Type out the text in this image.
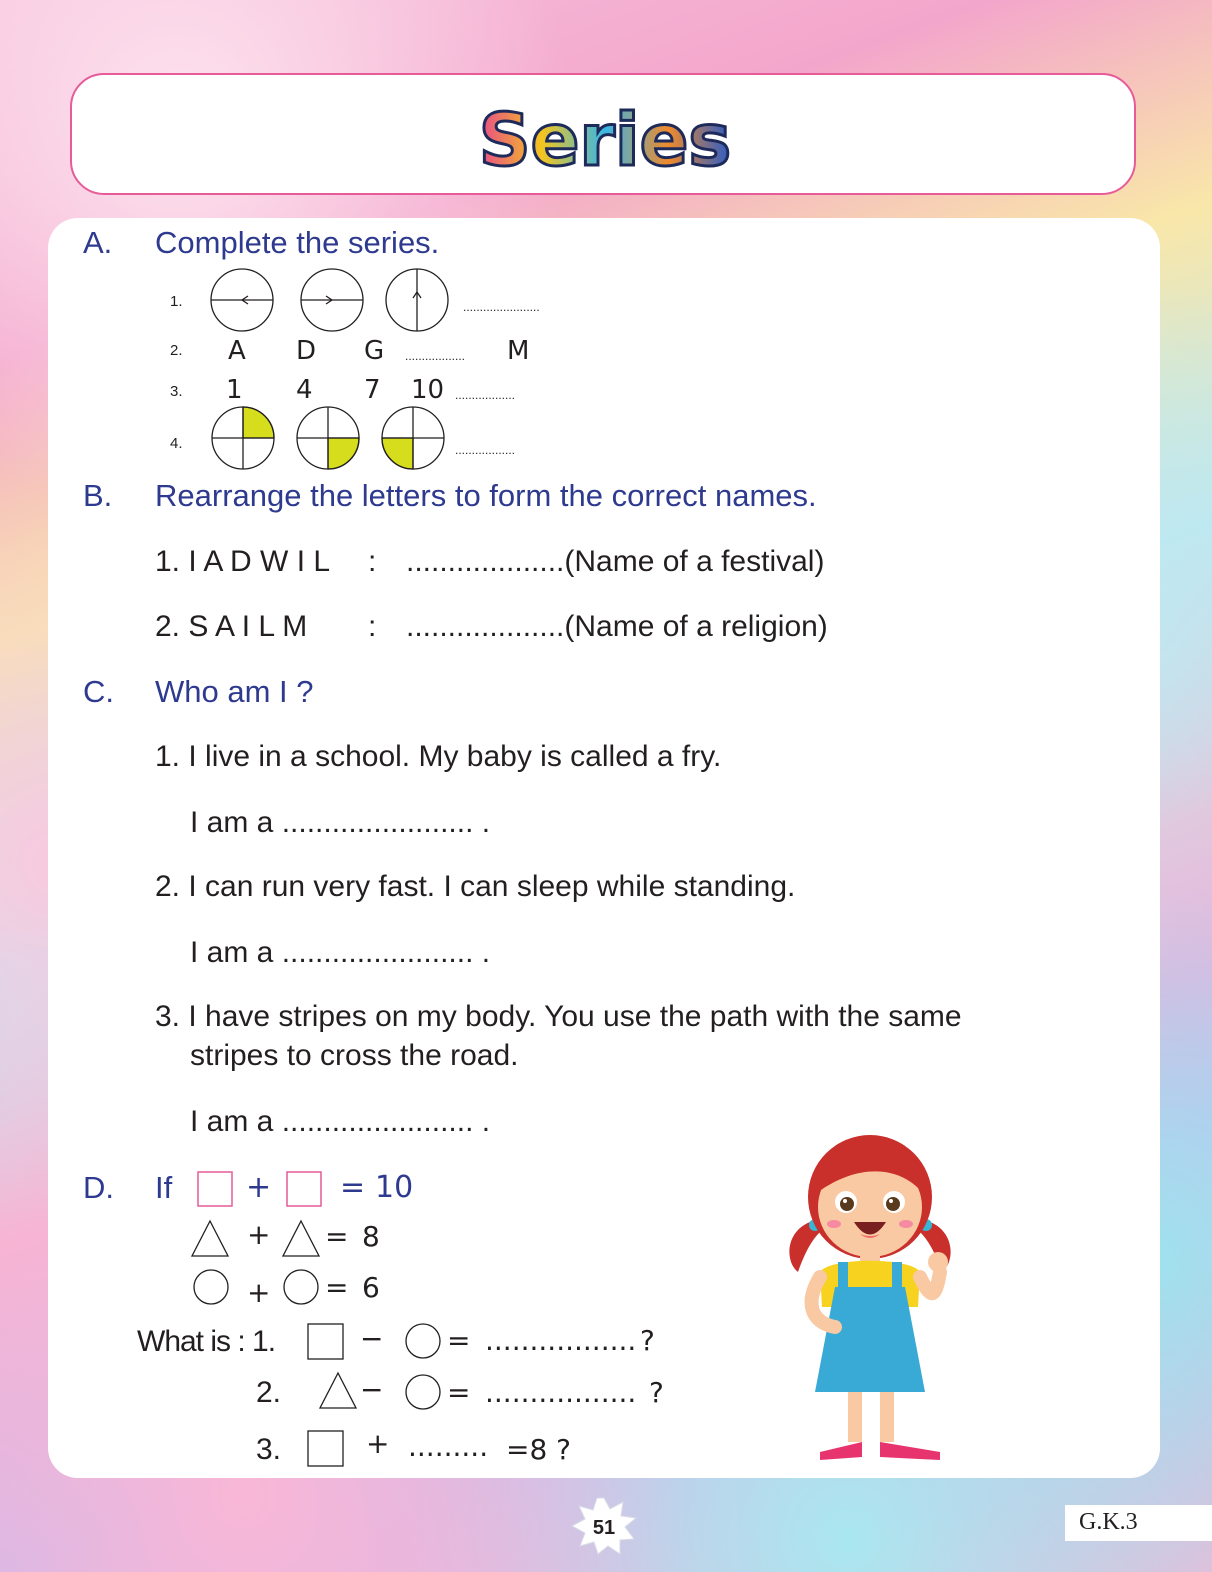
Series
A. Complete the series.
1.	.......................
2. A D G .................. M
3. 1 4 7 10 ..................
4.	..................
B. Rearrange the letters to form the correct names.
1. I A D W I L : ...................(Name of a festival)
2. S A I L M : ...................(Name of a religion)
C. Who am I ?
1. I live in a school. My baby is called a fry.
I am a ....................... .
2. I can run very fast. I can sleep while standing.
I am a ....................... .
3. I have stripes on my body. You use the path with the same
stripes to cross the road.
I am a ....................... .
D. If + = 10
+ = 8
+ = 6
What is : 1.	− = ................. ?
2.	− = ................. ?
3.	+ ......... =8 ?
51	G.K.3
